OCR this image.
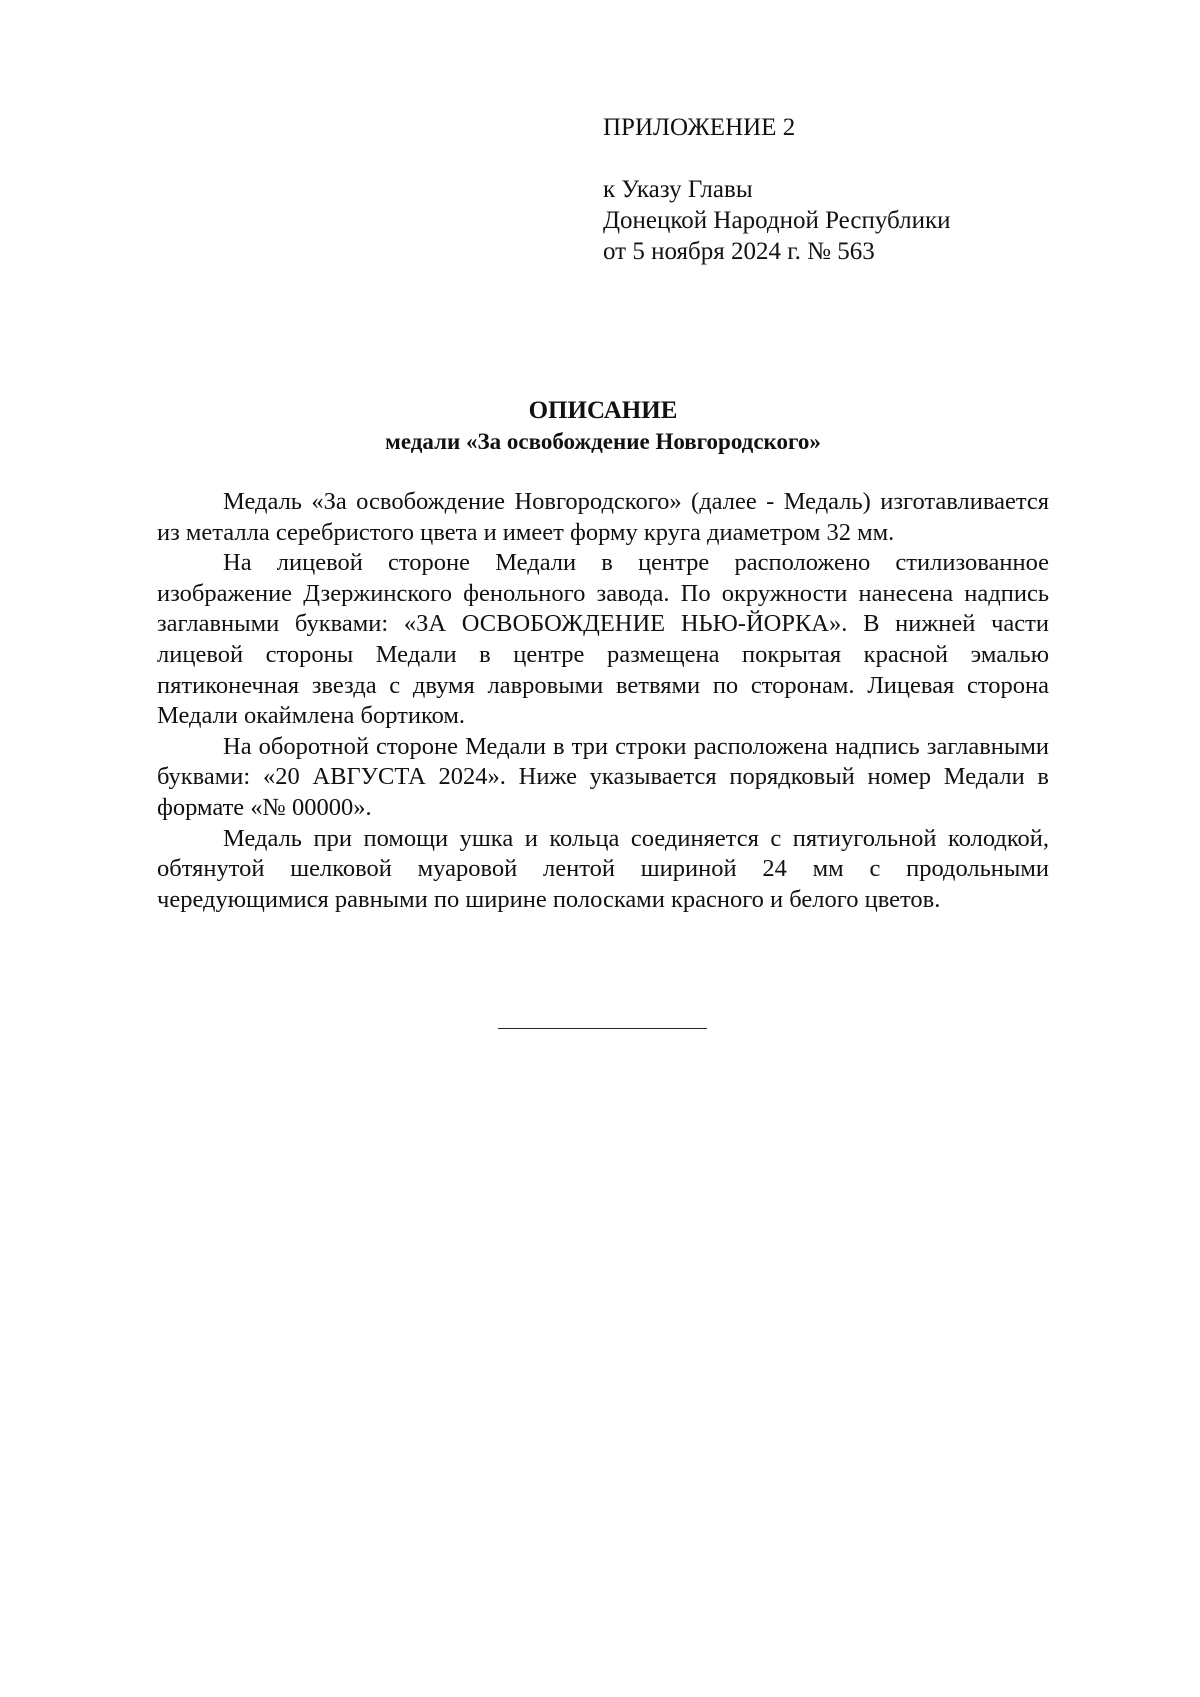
ПРИЛОЖЕНИЕ 2
к Указу Главы
Донецкой Народной Республики
от 5 ноября 2024 г. № 563
ОПИСАНИЕ
медали «За освобождение Новгородского»

Медаль «За освобождение Новгородского» (далее - Медаль) изготавливается из металла серебристого цвета и имеет форму круга диаметром 32 мм.

На лицевой стороне Медали в центре расположено стилизованное изображение Дзержинского фенольного завода. По окружности нанесена надпись заглавными буквами: «ЗА ОСВОБОЖДЕНИЕ НЬЮ-ЙОРКА». В нижней части лицевой стороны Медали в центре размещена покрытая красной эмалью пятиконечная звезда с двумя лавровыми ветвями по сторонам. Лицевая сторона Медали окаймлена бортиком.

На оборотной стороне Медали в три строки расположена надпись заглавными буквами: «20 АВГУСТА 2024». Ниже указывается порядковый номер Медали в формате «№ 00000».

Медаль при помощи ушка и кольца соединяется с пятиугольной колодкой, обтянутой шелковой муаровой лентой шириной 24 мм с продольными чередующимися равными по ширине полосками красного и белого цветов.
